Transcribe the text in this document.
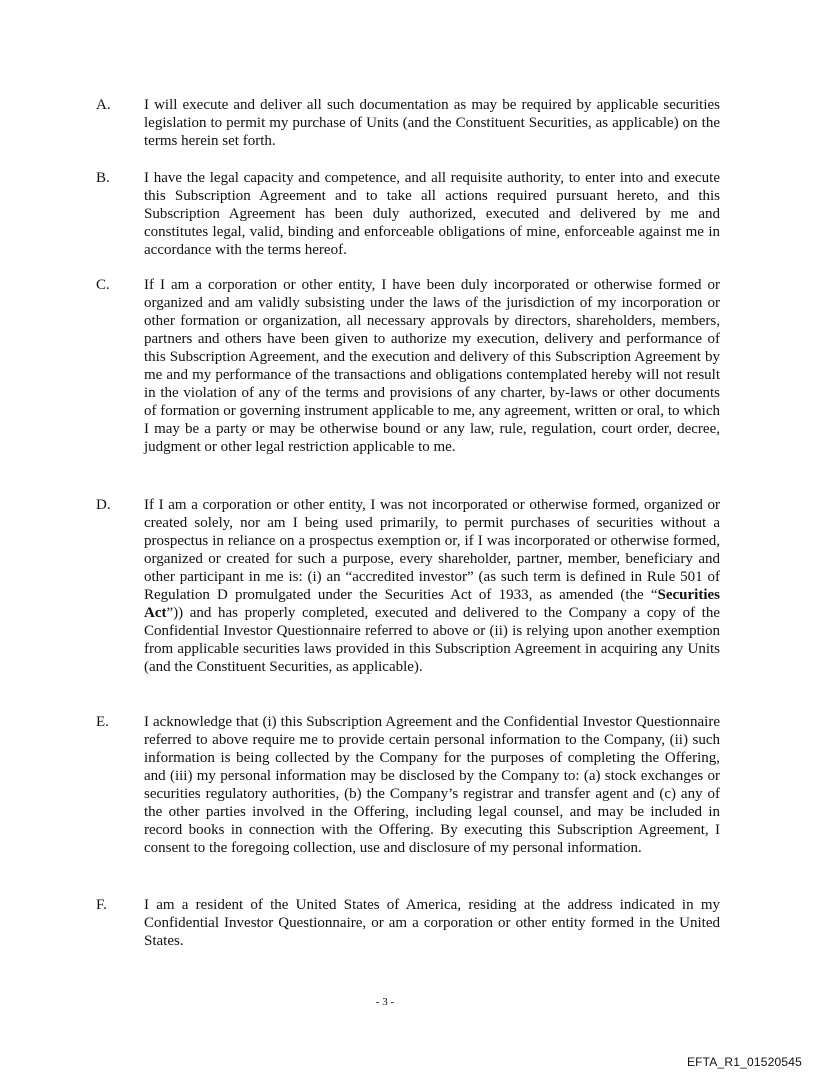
A. I will execute and deliver all such documentation as may be required by applicable securities legislation to permit my purchase of Units (and the Constituent Securities, as applicable) on the terms herein set forth.
B. I have the legal capacity and competence, and all requisite authority, to enter into and execute this Subscription Agreement and to take all actions required pursuant hereto, and this Subscription Agreement has been duly authorized, executed and delivered by me and constitutes legal, valid, binding and enforceable obligations of mine, enforceable against me in accordance with the terms hereof.
C. If I am a corporation or other entity, I have been duly incorporated or otherwise formed or organized and am validly subsisting under the laws of the jurisdiction of my incorporation or other formation or organization, all necessary approvals by directors, shareholders, members, partners and others have been given to authorize my execution, delivery and performance of this Subscription Agreement, and the execution and delivery of this Subscription Agreement by me and my performance of the transactions and obligations contemplated hereby will not result in the violation of any of the terms and provisions of any charter, by-laws or other documents of formation or governing instrument applicable to me, any agreement, written or oral, to which I may be a party or may be otherwise bound or any law, rule, regulation, court order, decree, judgment or other legal restriction applicable to me.
D. If I am a corporation or other entity, I was not incorporated or otherwise formed, organized or created solely, nor am I being used primarily, to permit purchases of securities without a prospectus in reliance on a prospectus exemption or, if I was incorporated or otherwise formed, organized or created for such a purpose, every shareholder, partner, member, beneficiary and other participant in me is: (i) an “accredited investor” (as such term is defined in Rule 501 of Regulation D promulgated under the Securities Act of 1933, as amended (the “Securities Act”)) and has properly completed, executed and delivered to the Company a copy of the Confidential Investor Questionnaire referred to above or (ii) is relying upon another exemption from applicable securities laws provided in this Subscription Agreement in acquiring any Units (and the Constituent Securities, as applicable).
E. I acknowledge that (i) this Subscription Agreement and the Confidential Investor Questionnaire referred to above require me to provide certain personal information to the Company, (ii) such information is being collected by the Company for the purposes of completing the Offering, and (iii) my personal information may be disclosed by the Company to: (a) stock exchanges or securities regulatory authorities, (b) the Company’s registrar and transfer agent and (c) any of the other parties involved in the Offering, including legal counsel, and may be included in record books in connection with the Offering. By executing this Subscription Agreement, I consent to the foregoing collection, use and disclosure of my personal information.
F. I am a resident of the United States of America, residing at the address indicated in my Confidential Investor Questionnaire, or am a corporation or other entity formed in the United States.
- 3 -
EFTA_R1_01520545
